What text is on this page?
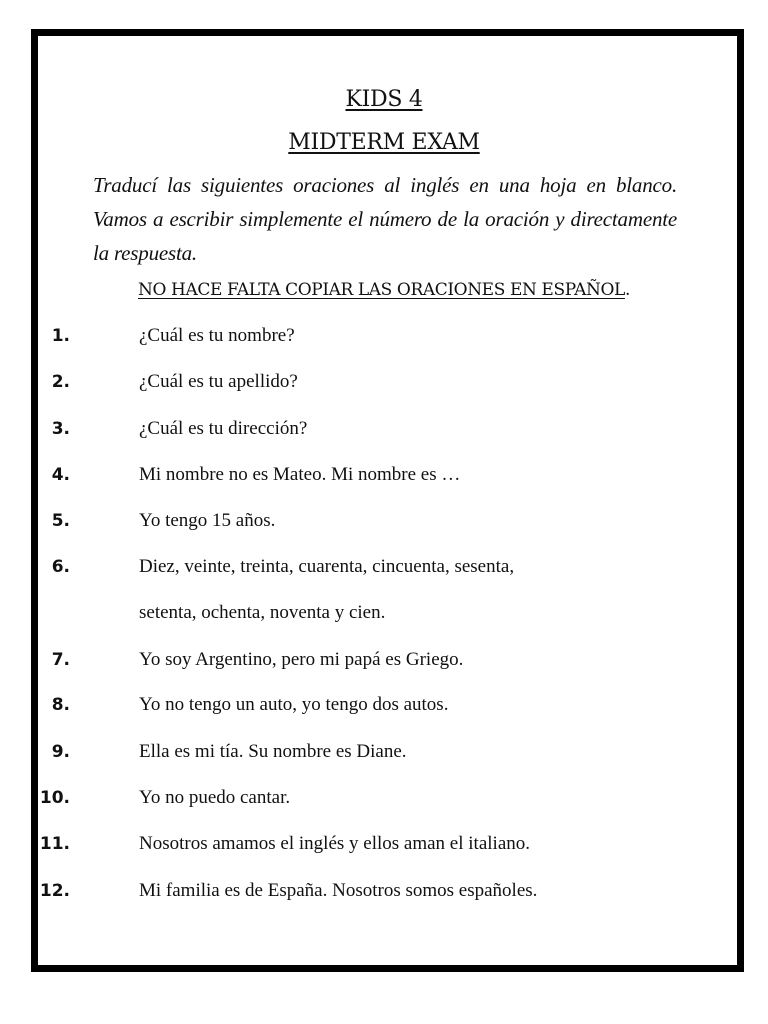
KIDS 4
MIDTERM EXAM
Traducí las siguientes oraciones al inglés en una hoja en blanco. Vamos a escribir simplemente el número de la oración y directamente la respuesta.
NO HACE FALTA COPIAR LAS ORACIONES EN ESPAÑOL.
1.	¿Cuál es tu nombre?
2.	¿Cuál es tu apellido?
3.	¿Cuál es tu dirección?
4.	Mi nombre no es Mateo. Mi nombre es …
5.	Yo tengo 15 años.
6.	Diez, veinte, treinta, cuarenta, cincuenta, sesenta,
setenta, ochenta, noventa y cien.
7.	Yo soy Argentino, pero mi papá es Griego.
8.	Yo no tengo un auto, yo tengo dos autos.
9.	Ella es mi tía. Su nombre es Diane.
10.	Yo no puedo cantar.
11.	Nosotros amamos el inglés y ellos aman el italiano.
12.	Mi familia es de España. Nosotros somos españoles.
